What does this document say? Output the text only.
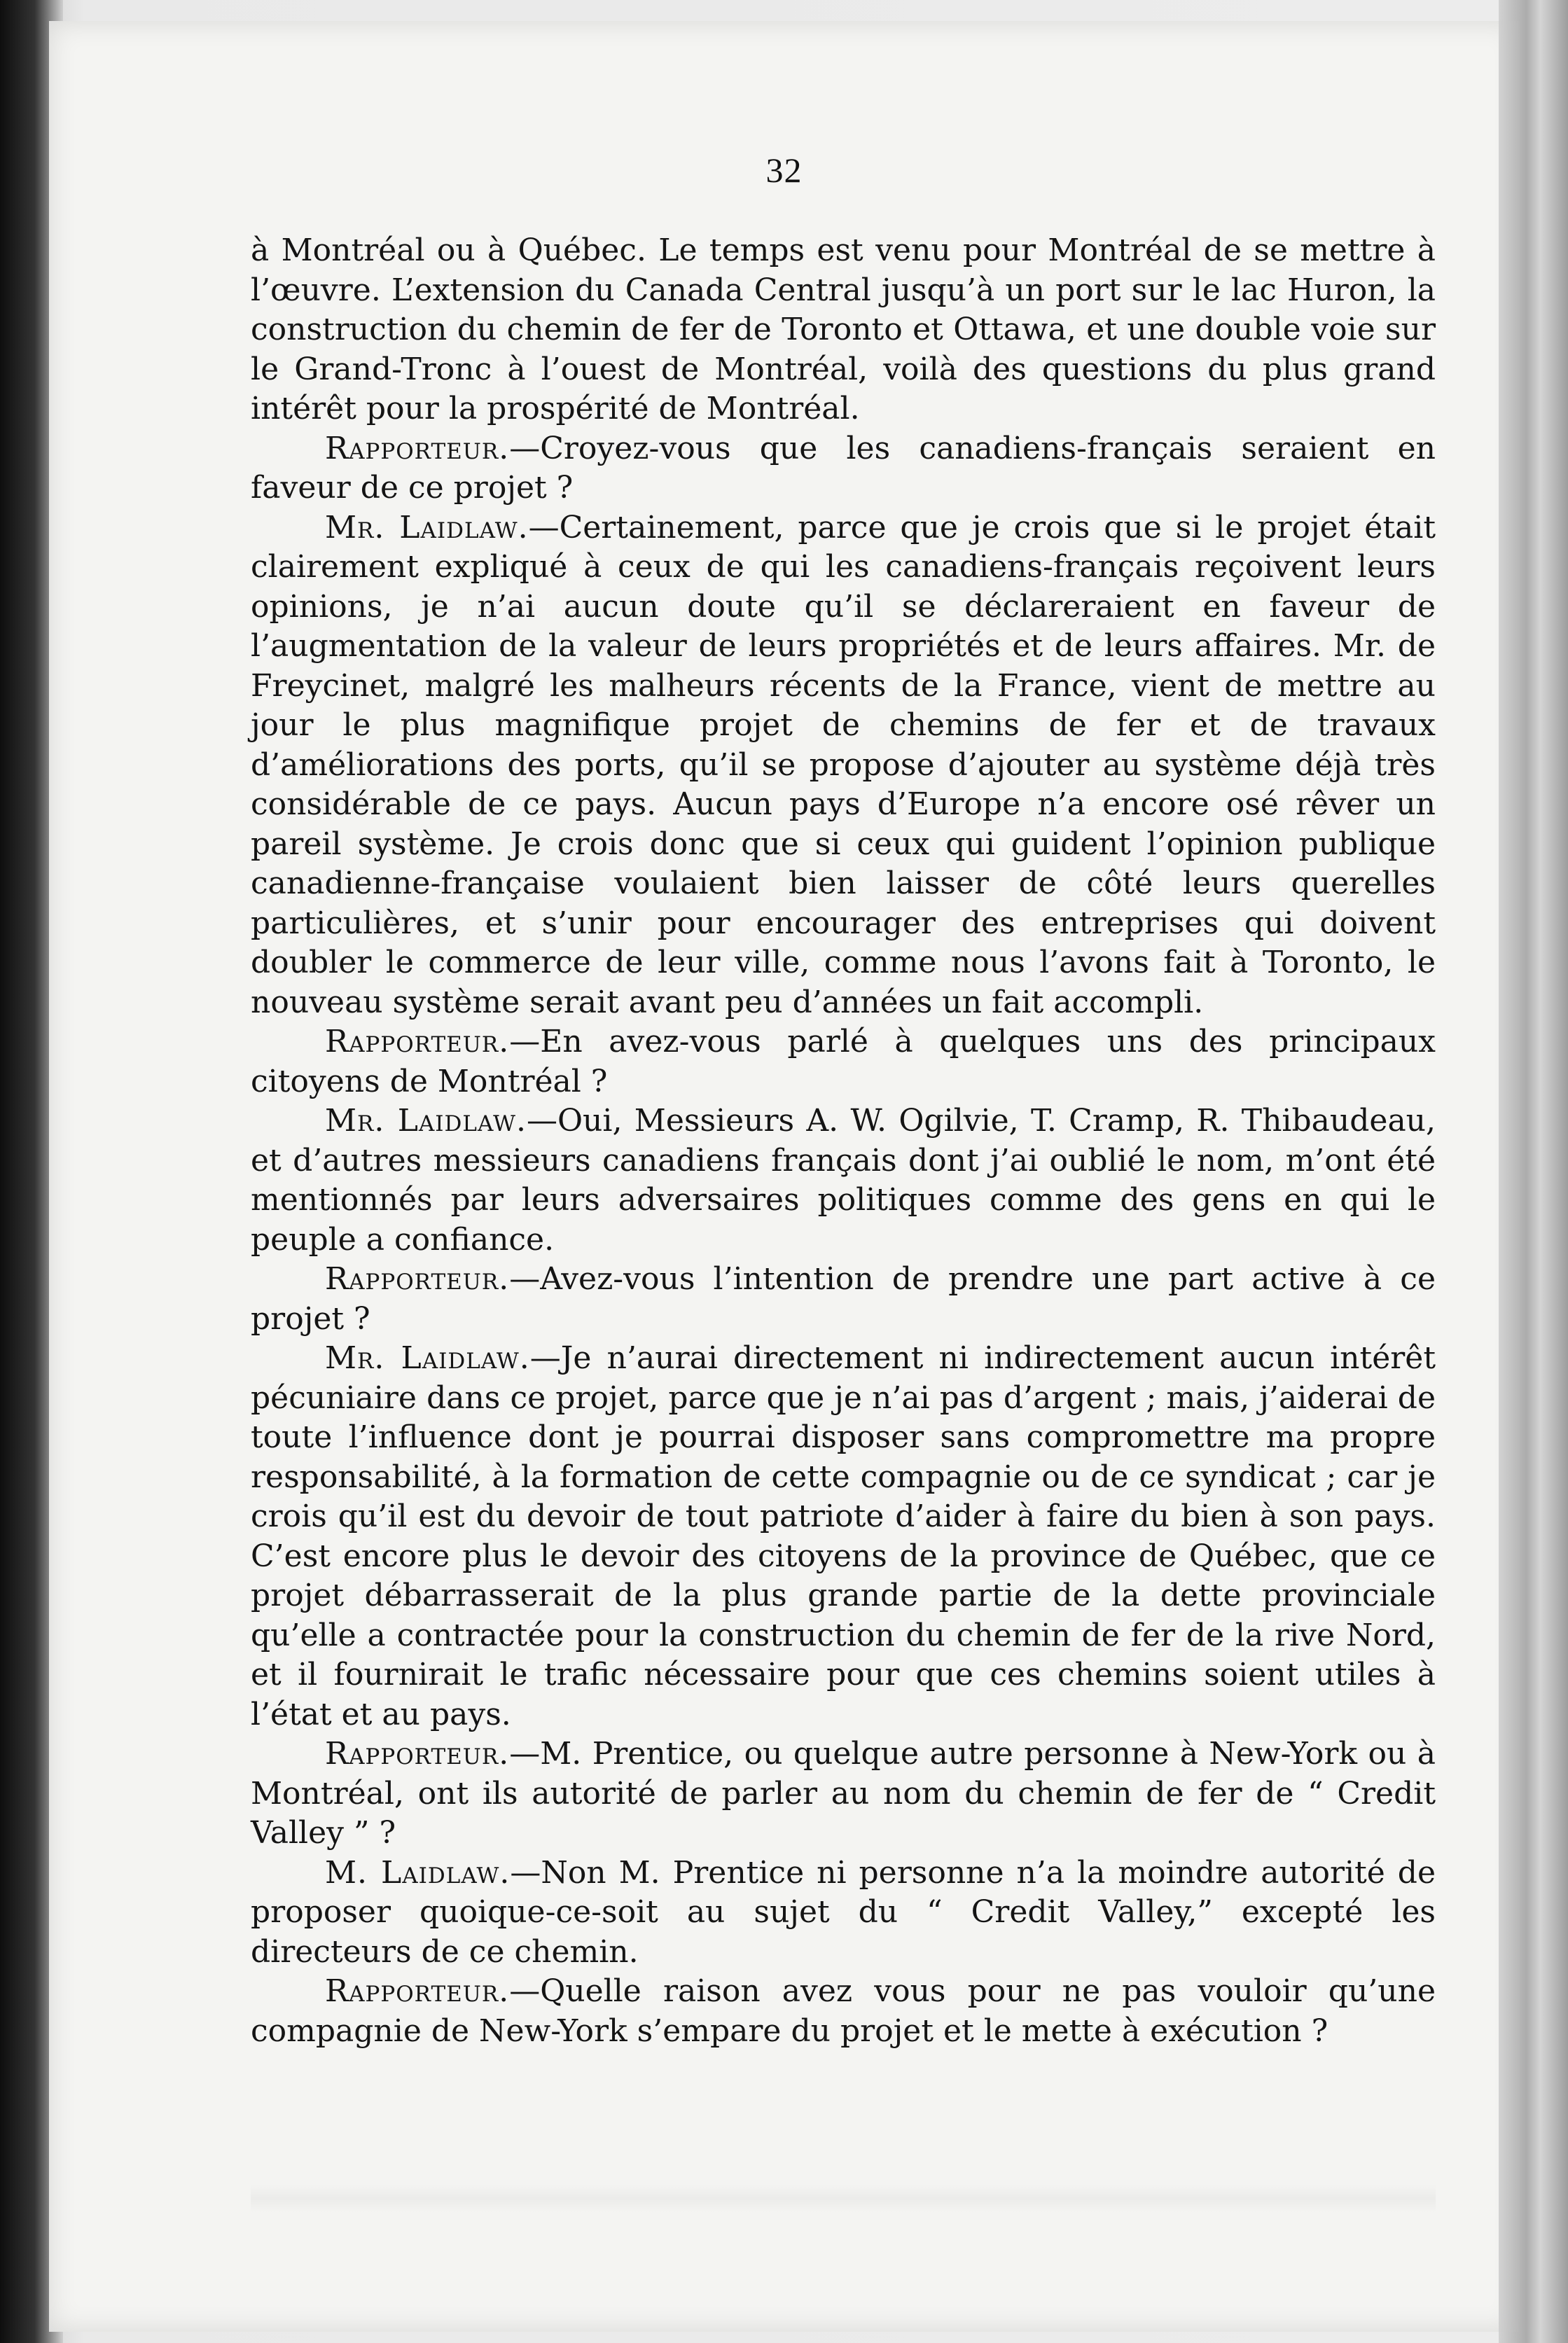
32

à Montréal ou à Québec. Le temps est venu pour Montréal de se mettre à l’œuvre. L’extension du Canada Central jusqu’à un port sur le lac Huron, la construction du chemin de fer de Toronto et Ottawa, et une double voie sur le Grand-Tronc à l’ouest de Montréal, voilà des questions du plus grand intérêt pour la prospérité de Montréal.

Rapporteur.—Croyez-vous que les canadiens-français seraient en faveur de ce projet ?

Mr. Laidlaw.—Certainement, parce que je crois que si le projet était clairement expliqué à ceux de qui les canadiens-français reçoivent leurs opinions, je n’ai aucun doute qu’il se déclareraient en faveur de l’augmentation de la valeur de leurs propriétés et de leurs affaires. Mr. de Freycinet, malgré les malheurs récents de la France, vient de mettre au jour le plus magnifique projet de chemins de fer et de travaux d’améliorations des ports, qu’il se propose d’ajouter au système déjà très considérable de ce pays. Aucun pays d’Europe n’a encore osé rêver un pareil système. Je crois donc que si ceux qui guident l’opinion publique canadienne-française voulaient bien laisser de côté leurs querelles particulières, et s’unir pour encourager des entreprises qui doivent doubler le commerce de leur ville, comme nous l’avons fait à Toronto, le nouveau système serait avant peu d’années un fait accompli.

Rapporteur.—En avez-vous parlé à quelques uns des principaux citoyens de Montréal ?

Mr. Laidlaw.—Oui, Messieurs A. W. Ogilvie, T. Cramp, R. Thibaudeau, et d’autres messieurs canadiens français dont j’ai oublié le nom, m’ont été mentionnés par leurs adversaires politiques comme des gens en qui le peuple a confiance.

Rapporteur.—Avez-vous l’intention de prendre une part active à ce projet ?

Mr. Laidlaw.—Je n’aurai directement ni indirectement aucun intérêt pécuniaire dans ce projet, parce que je n’ai pas d’argent ; mais, j’aiderai de toute l’influence dont je pourrai disposer sans compromettre ma propre responsabilité, à la formation de cette compagnie ou de ce syndicat ; car je crois qu’il est du devoir de tout patriote d’aider à faire du bien à son pays. C’est encore plus le devoir des citoyens de la province de Québec, que ce projet débarrasserait de la plus grande partie de la dette provinciale qu’elle a contractée pour la construction du chemin de fer de la rive Nord, et il fournirait le trafic nécessaire pour que ces chemins soient utiles à l’état et au pays.

Rapporteur.—M. Prentice, ou quelque autre personne à New-York ou à Montréal, ont ils autorité de parler au nom du chemin de fer de “ Credit Valley ” ?

M. Laidlaw.—Non M. Prentice ni personne n’a la moindre autorité de proposer quoique-ce-soit au sujet du “ Credit Valley,” excepté les directeurs de ce chemin.

Rapporteur.—Quelle raison avez vous pour ne pas vouloir qu’une compagnie de New-York s’empare du projet et le mette à exécution ?
